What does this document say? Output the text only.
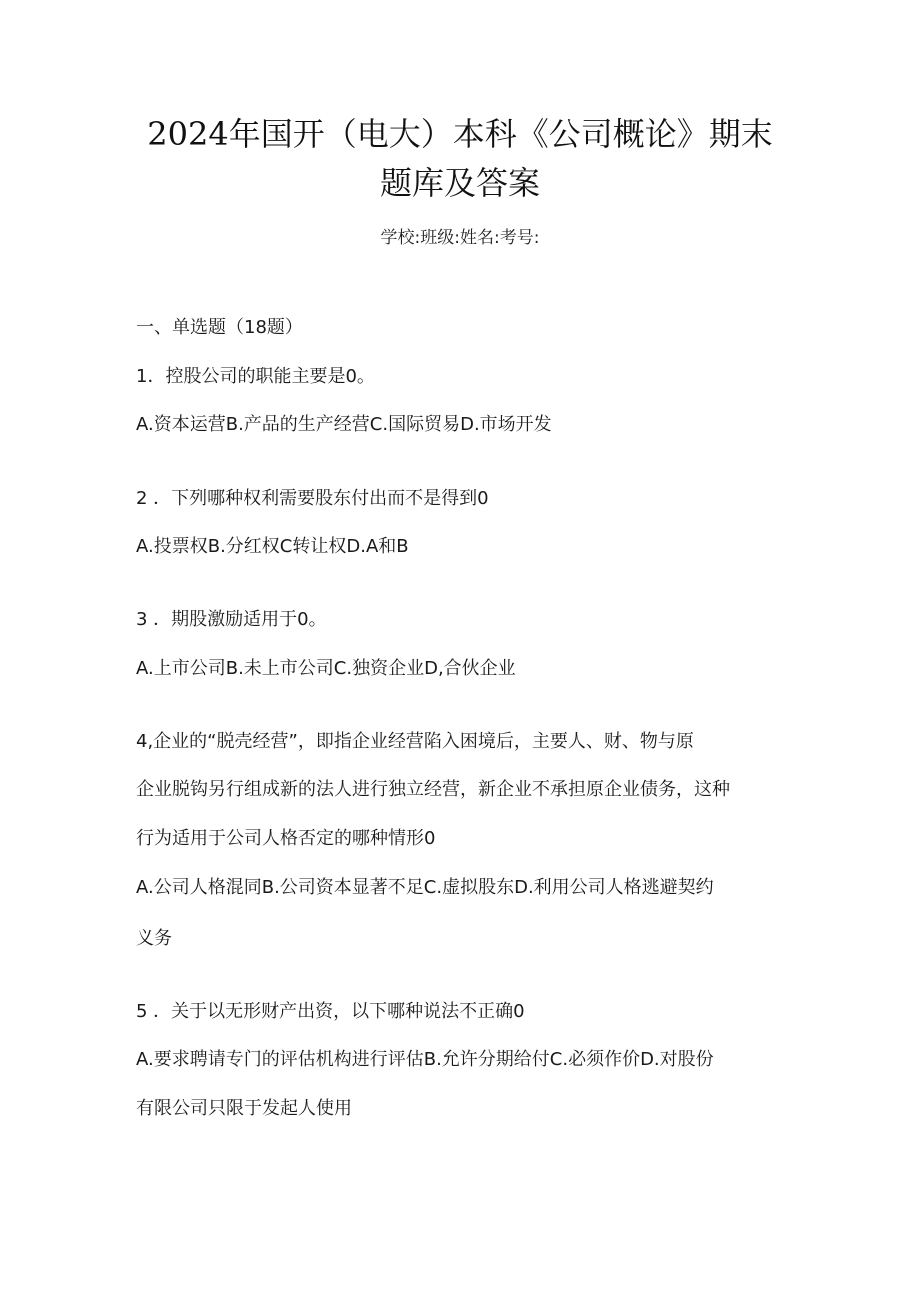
2024年国开（电大）本科《公司概论》期末
题库及答案
学校:班级:姓名:考号:
一、单选题（18题）
1．控股公司的职能主要是0。
A.资本运营B.产品的生产经营C.国际贸易D.市场开发
2 ．下列哪种权利需要股东付出而不是得到0
A.投票权B.分红权C转让权D.A和B
3 ．期股激励适用于0。
A.上市公司B.未上市公司C.独资企业D,合伙企业
4,企业的“脱壳经营”，即指企业经营陷入困境后，主要人、财、物与原
企业脱钩另行组成新的法人进行独立经营，新企业不承担原企业债务，这种
行为适用于公司人格否定的哪种情形0
A.公司人格混同B.公司资本显著不足C.虚拟股东D.利用公司人格逃避契约
义务
5 ．关于以无形财产出资，以下哪种说法不正确0
A.要求聘请专门的评估机构进行评估B.允许分期给付C.必须作价D.对股份
有限公司只限于发起人使用
